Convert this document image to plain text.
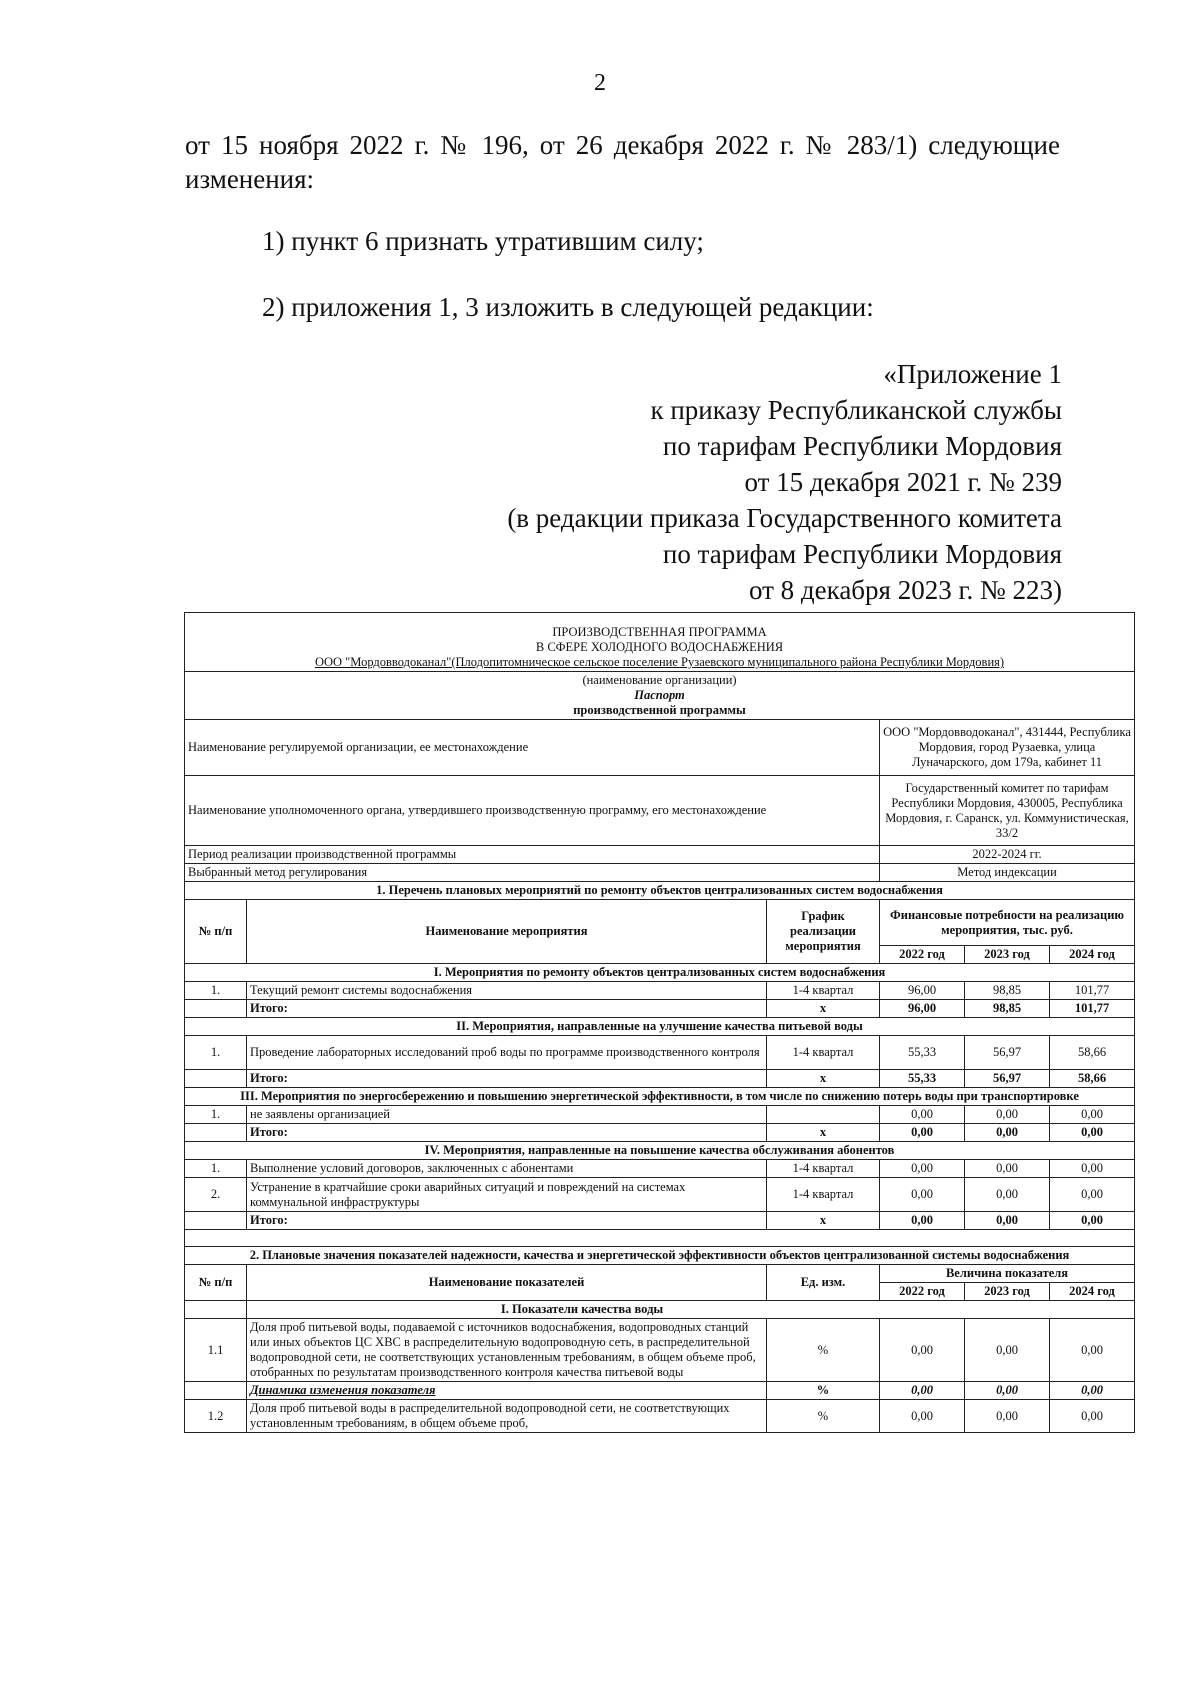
2
от 15 ноября 2022 г. № 196, от 26 декабря 2022 г. № 283/1) следующие изменения:
1) пункт 6 признать утратившим силу;
2) приложения 1, 3 изложить в следующей редакции:
«Приложение 1
к приказу Республиканской службы
по тарифам Республики Мордовия
от 15 декабря 2021 г. № 239
(в редакции приказа Государственного комитета
по тарифам Республики Мордовия
от 8 декабря 2023 г. № 223)
ПРОИЗВОДСТВЕННАЯ ПРОГРАММА
В СФЕРЕ ХОЛОДНОГО ВОДОСНАБЖЕНИЯ
ООО "Мордовводоканал"(Плодопитомническое сельское поселение Рузаевского муниципального района Республики Мордовия)					

(наименование организации)
Паспорт
производственной программы					

Наименование регулируемой организации, ее местонахождение			ООО "Мордовводоканал", 431444, Республика Мордовия, город Рузаевка, улица Луначарского, дом 179а, кабинет 11		
Наименование уполномоченного органа, утвердившего производственную программу, его местонахождение			Государственный комитет по тарифам Республики Мордовия, 430005, Республика Мордовия, г. Саранск, ул. Коммунистическая, 33/2		
Период реализации производственной программы			2022-2024 гг.		
Выбранный метод регулирования			Метод индексации		
1. Перечень плановых мероприятий по ремонту объектов централизованных систем водоснабжения					
№ п/п	Наименование мероприятия	График реализации мероприятия	Финансовые потребности на реализацию мероприятия, тыс. руб.		
			2022 год	2023 год	2024 год
I. Мероприятия по ремонту объектов централизованных систем водоснабжения					
1.	Текущий ремонт системы водоснабжения	1-4 квартал	96,00	98,85	101,77
	Итого:	х	96,00	98,85	101,77
II. Мероприятия, направленные на улучшение качества питьевой воды					
1.	Проведение лабораторных исследований проб воды по программе производственного контроля	1-4 квартал	55,33	56,97	58,66
	Итого:	х	55,33	56,97	58,66
III. Мероприятия по энергосбережению и повышению энергетической эффективности, в том числе по снижению потерь воды при транспортировке					
1.	не заявлены организацией		0,00	0,00	0,00
	Итого:	х	0,00	0,00	0,00
IV. Мероприятия, направленные на повышение качества обслуживания абонентов					
1.	Выполнение условий договоров, заключенных с абонентами	1-4 квартал	0,00	0,00	0,00
2.	Устранение в кратчайшие сроки аварийных ситуаций и повреждений на системах коммунальной инфраструктуры	1-4 квартал	0,00	0,00	0,00
	Итого:	х	0,00	0,00	0,00

2. Плановые значения показателей надежности, качества и энергетической эффективности объектов централизованной системы водоснабжения					
№ п/п	Наименование показателей	Ед. изм.	Величина показателя		
			2022 год	2023 год	2024 год
	I. Показатели качества воды				
1.1	Доля проб питьевой воды, подаваемой с источников водоснабжения, водопроводных станций или иных объектов ЦС ХВС в распределительную водопроводную сеть, в распределительной водопроводной сети, не соответствующих установленным требованиям, в общем объеме проб, отобранных по результатам производственного контроля качества питьевой воды	%	0,00	0,00	0,00
	Динамика изменения показателя	%	0,00	0,00	0,00
1.2	Доля проб питьевой воды в распределительной водопроводной сети, не соответствующих установленным требованиям, в общем объеме проб,	%	0,00	0,00	0,00
